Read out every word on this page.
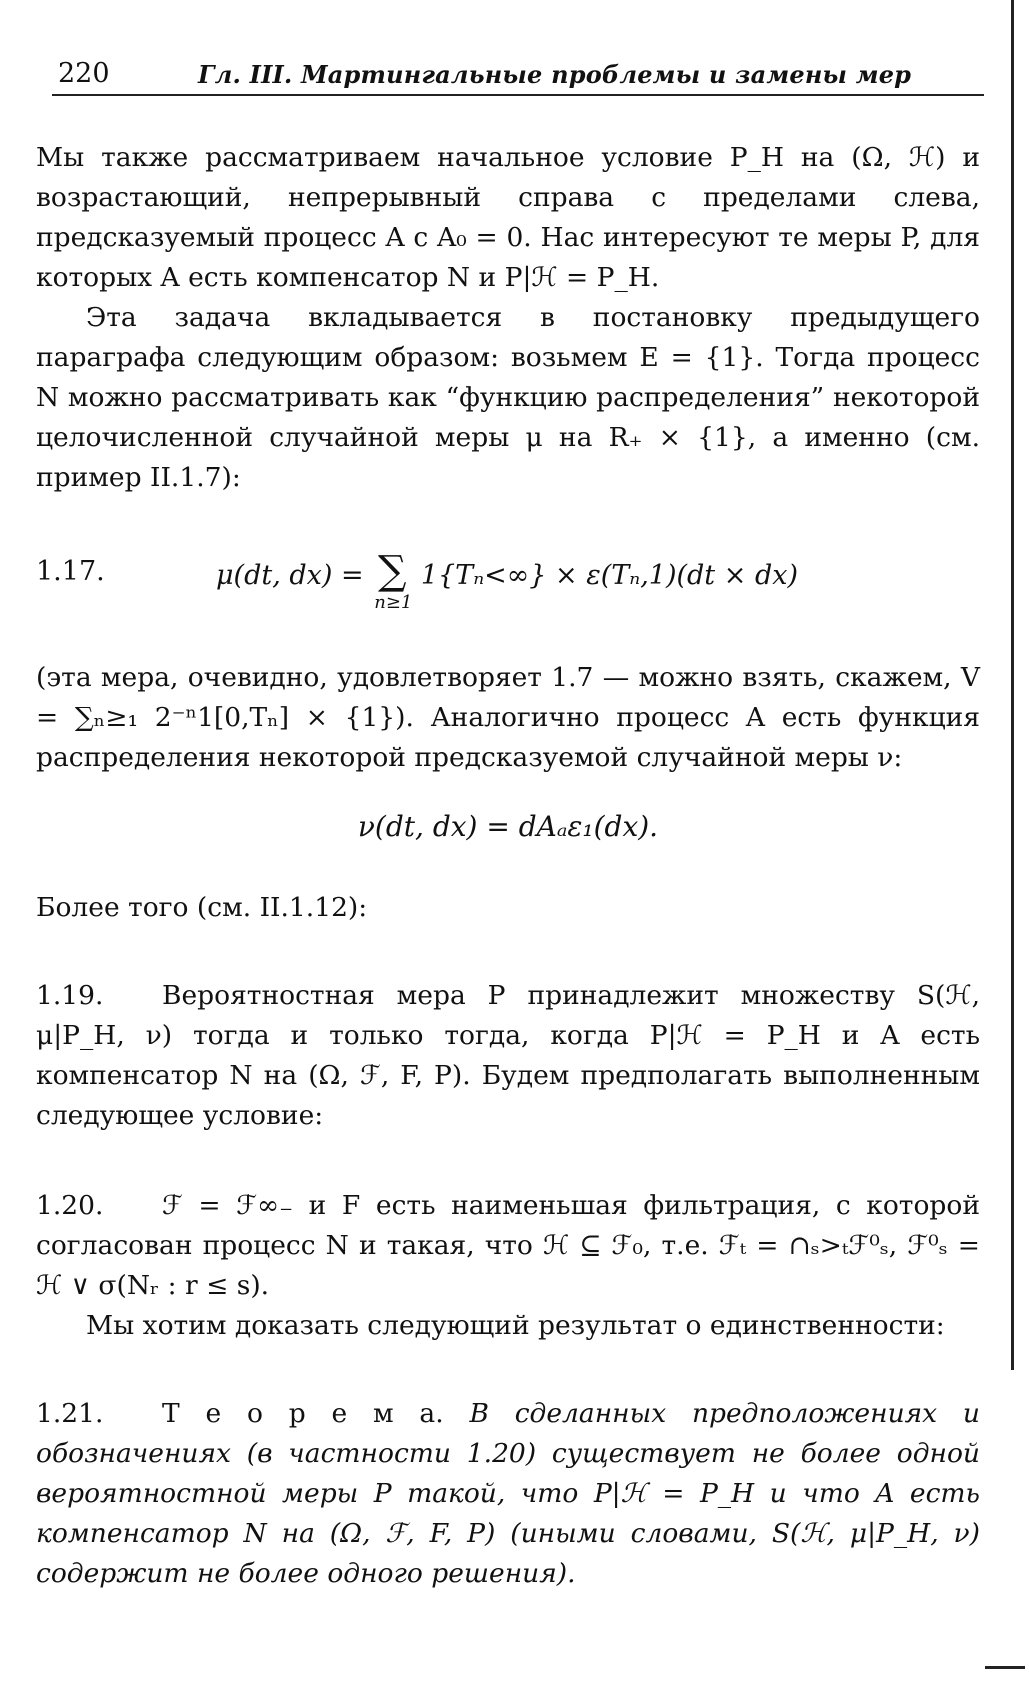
220	Гл. III. Мартингальные проблемы и замены мер

Мы также рассматриваем начальное условие P_H на (Ω, ℋ) и возрастающий, непрерывный справа с пределами слева, предсказуемый процесс A с A₀ = 0. Нас интересуют те меры P, для которых A есть компенсатор N и P|ℋ = P_H.

Эта задача вкладывается в постановку предыдущего параграфа следующим образом: возьмем E = {1}. Тогда процесс N можно рассматривать как “функцию распределения” некоторой целочисленной случайной меры μ на R₊ × {1}, а именно (см. пример II.1.7):

1.17.	μ(dt, dx) = ∑
n≥1
1{Tₙ<∞} × ε(Tₙ,1)(dt × dx)

(эта мера, очевидно, удовлетворяет 1.7 — можно взять, скажем, V = ∑ₙ≥₁ 2⁻ⁿ1[0,Tₙ] × {1}). Аналогично процесс A есть функция распределения некоторой предсказуемой случайной меры ν:

ν(dt, dx) = dAₐε₁(dx).

Более того (см. II.1.12):

1.19. Вероятностная мера P принадлежит множеству S(ℋ, μ|P_H, ν) тогда и только тогда, когда P|ℋ = P_H и A есть компенсатор N на (Ω, ℱ, F, P). Будем предполагать выполненным следующее условие:

1.20. ℱ = ℱ∞₋ и F есть наименьшая фильтрация, с которой согласован процесс N и такая, что ℋ ⊆ ℱ₀, т.е. ℱₜ = ∩ₛ>ₜℱ⁰ₛ, ℱ⁰ₛ = ℋ ∨ σ(Nᵣ : r ≤ s).

Мы хотим доказать следующий результат о единственности:

1.21. Т е о р е м а. В сделанных предположениях и обозначениях (в частности 1.20) существует не более одной вероятностной меры P такой, что P|ℋ = P_H и что A есть компенсатор N на (Ω, ℱ, F, P) (иными словами, S(ℋ, μ|P_H, ν) содержит не более одного решения).
